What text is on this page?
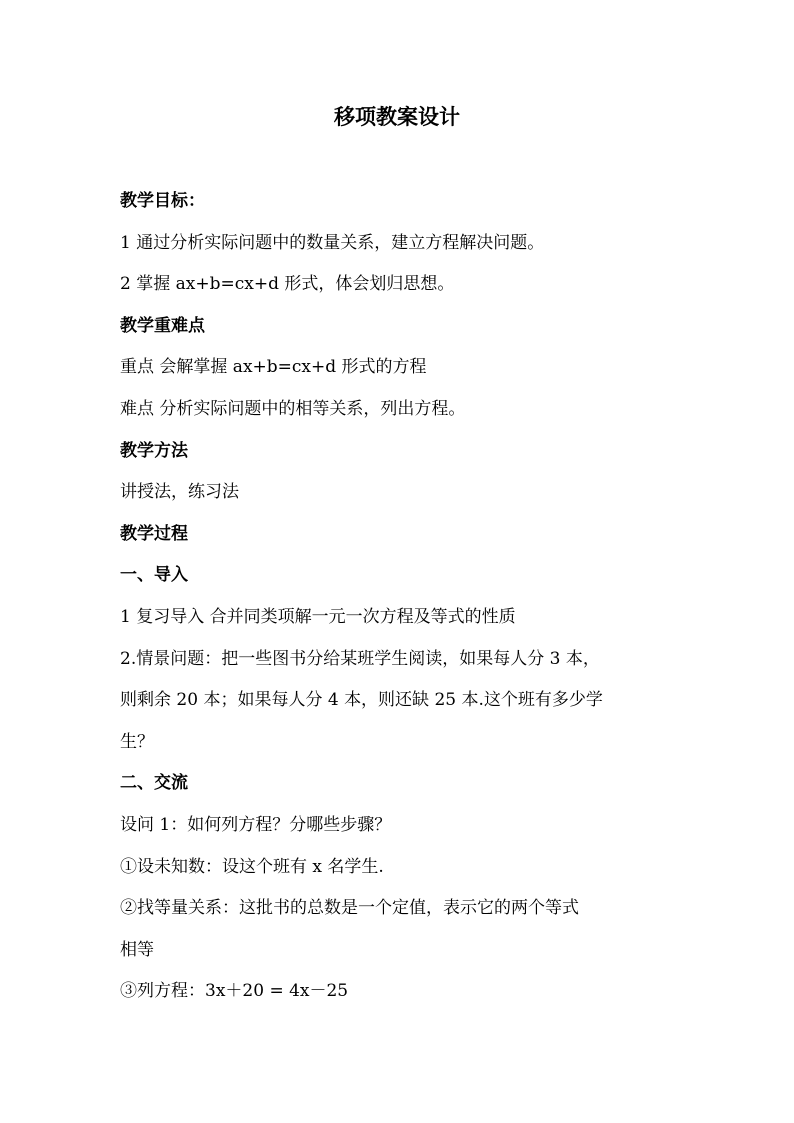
移项教案设计

教学目标：

1 通过分析实际问题中的数量关系，建立方程解决问题。

2 掌握 ax+b=cx+d 形式，体会划归思想。

教学重难点

重点 会解掌握 ax+b=cx+d 形式的方程

难点 分析实际问题中的相等关系，列出方程。

教学方法

讲授法，练习法

教学过程

一、导入

1 复习导入 合并同类项解一元一次方程及等式的性质

2.情景问题：把一些图书分给某班学生阅读，如果每人分 3 本，

则剩余 20 本；如果每人分 4 本，则还缺 25 本.这个班有多少学

生？

二、交流

设问 1：如何列方程？分哪些步骤？

①设未知数：设这个班有 x 名学生.

②找等量关系：这批书的总数是一个定值，表示它的两个等式

相等

③列方程：3x＋20 = 4x－25
